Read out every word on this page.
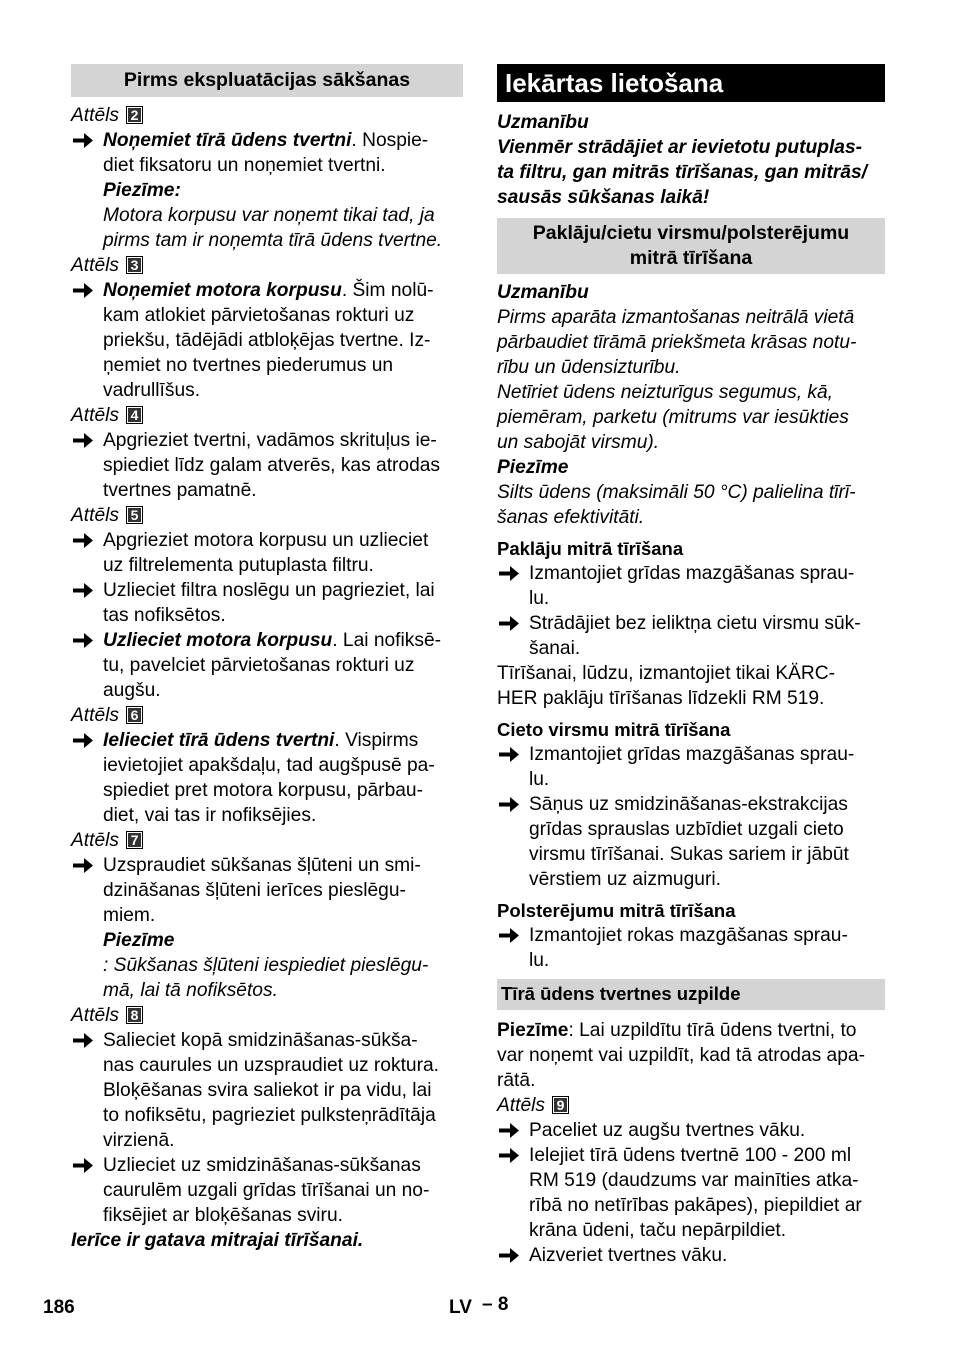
Pirms ekspluatācijas sākšanas
Attēls 2
Noņemiet tīrā ūdens tvertni. Nospie-
diet fiksatoru un noņemiet tvertni.
Piezīme:
Motora korpusu var noņemt tikai tad, ja
pirms tam ir noņemta tīrā ūdens tvertne.
Attēls 3
Noņemiet motora korpusu. Šim nolū-
kam atlokiet pārvietošanas rokturi uz
priekšu, tādējādi atbloķējas tvertne. Iz-
ņemiet no tvertnes piederumus un
vadrullīšus.
Attēls 4
Apgrieziet tvertni, vadāmos skrituļus ie-
spiediet līdz galam atverēs, kas atrodas
tvertnes pamatnē.
Attēls 5
Apgrieziet motora korpusu un uzlieciet
uz filtrelementa putuplasta filtru.
Uzlieciet filtra noslēgu un pagrieziet, lai
tas nofiksētos.
Uzlieciet motora korpusu. Lai nofiksē-
tu, pavelciet pārvietošanas rokturi uz
augšu.
Attēls 6
Ielieciet tīrā ūdens tvertni. Vispirms
ievietojiet apakšdaļu, tad augšpusē pa-
spiediet pret motora korpusu, pārbau-
diet, vai tas ir nofiksējies.
Attēls 7
Uzspraudiet sūkšanas šļūteni un smi-
dzināšanas šļūteni ierīces pieslēgu-
miem.
Piezīme
: Sūkšanas šļūteni iespiediet pieslēgu-
mā, lai tā nofiksētos.
Attēls 8
Salieciet kopā smidzināšanas-sūkša-
nas caurules un uzspraudiet uz roktura.
Bloķēšanas svira saliekot ir pa vidu, lai
to nofiksētu, pagrieziet pulksteņrādītāja
virzienā.
Uzlieciet uz smidzināšanas-sūkšanas
caurulēm uzgali grīdas tīrīšanai un no-
fiksējiet ar bloķēšanas sviru.
Ierīce ir gatava mitrajai tīrīšanai.
Iekārtas lietošana
Uzmanību
Vienmēr strādājiet ar ievietotu putuplas-
ta filtru, gan mitrās tīrīšanas, gan mitrās/
sausās sūkšanas laikā!
Paklāju/cietu virsmu/polsterējumu
mitrā tīrīšana
Uzmanību
Pirms aparāta izmantošanas neitrālā vietā
pārbaudiet tīrāmā priekšmeta krāsas notu-
rību un ūdensizturību.
Netīriet ūdens neizturīgus segumus, kā,
piemēram, parketu (mitrums var iesūkties
un sabojāt virsmu).
Piezīme
Silts ūdens (maksimāli 50 °C) palielina tīrī-
šanas efektivitāti.
Paklāju mitrā tīrīšana
Izmantojiet grīdas mazgāšanas sprau-
lu.
Strādājiet bez ieliktņa cietu virsmu sūk-
šanai.
Tīrīšanai, lūdzu, izmantojiet tikai KÄRC-
HER paklāju tīrīšanas līdzekli RM 519.
Cieto virsmu mitrā tīrīšana
Izmantojiet grīdas mazgāšanas sprau-
lu.
Sāņus uz smidzināšanas-ekstrakcijas
grīdas sprauslas uzbīdiet uzgali cieto
virsmu tīrīšanai. Sukas sariem ir jābūt
vērstiem uz aizmuguri.
Polsterējumu mitrā tīrīšana
Izmantojiet rokas mazgāšanas sprau-
lu.
Tīrā ūdens tvertnes uzpilde
Piezīme: Lai uzpildītu tīrā ūdens tvertni, to
var noņemt vai uzpildīt, kad tā atrodas apa-
rātā.
Attēls 9
Paceliet uz augšu tvertnes vāku.
Ielejiet tīrā ūdens tvertnē 100 - 200 ml
RM 519 (daudzums var mainīties atka-
rībā no netīrības pakāpes), piepildiet ar
krāna ūdeni, taču nepārpildiet.
Aizveriet tvertnes vāku.
186	LV – 8
